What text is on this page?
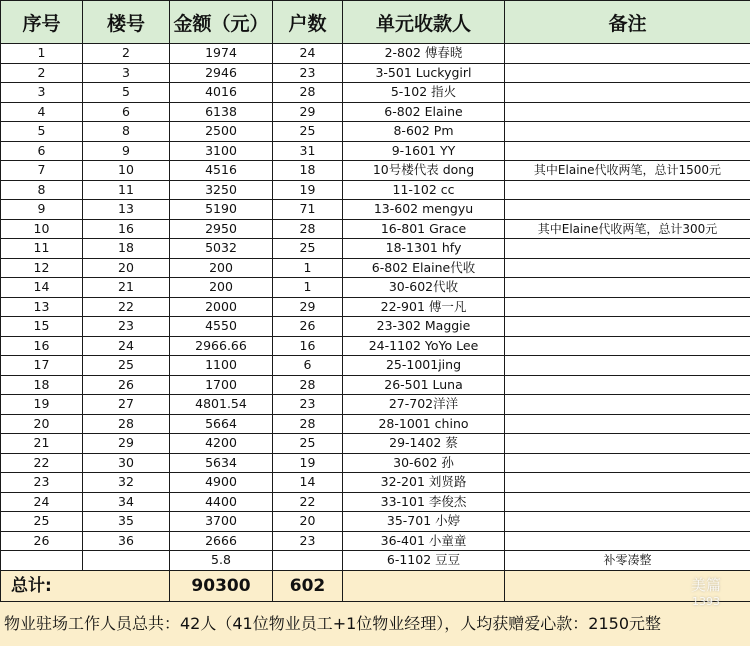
序号	楼号	金额（元）	户数	单元收款人	备注
1	2	1974	24	2-802 傅春晓	
2	3	2946	23	3-501 Luckygirl	
3	5	4016	28	5-102 指火	
4	6	6138	29	6-802 Elaine	
5	8	2500	25	8-602 Pm	
6	9	3100	31	9-1601 YY	
7	10	4516	18	10号楼代表 dong	其中Elaine代收两笔，总计1500元
8	11	3250	19	11-102 cc	
9	13	5190	71	13-602 mengyu	
10	16	2950	28	16-801 Grace	其中Elaine代收两笔，总计300元
11	18	5032	25	18-1301 hfy	
12	20	200	1	6-802 Elaine代收	
14	21	200	1	30-602代收	
13	22	2000	29	22-901 傅一凡	
15	23	4550	26	23-302 Maggie	
16	24	2966.66	16	24-1102 YoYo Lee	
17	25	1100	6	25-1001jing	
18	26	1700	28	26-501 Luna	
19	27	4801.54	23	27-702洋洋	
20	28	5664	28	28-1001 chino	
21	29	4200	25	29-1402 蔡	
22	30	5634	19	30-602 孙	
23	32	4900	14	32-201 刘贤路	
24	34	4400	22	33-101 李俊杰	
25	35	3700	20	35-701 小婷	
26	36	2666	23	36-401 小童童	
		5.8		6-1102 豆豆	补零凑整
总计:		90300	602		
物业驻场工作人员总共：42人（41位物业员工+1位物业经理），人均获赠爱心款：2150元整
美篇
1393
